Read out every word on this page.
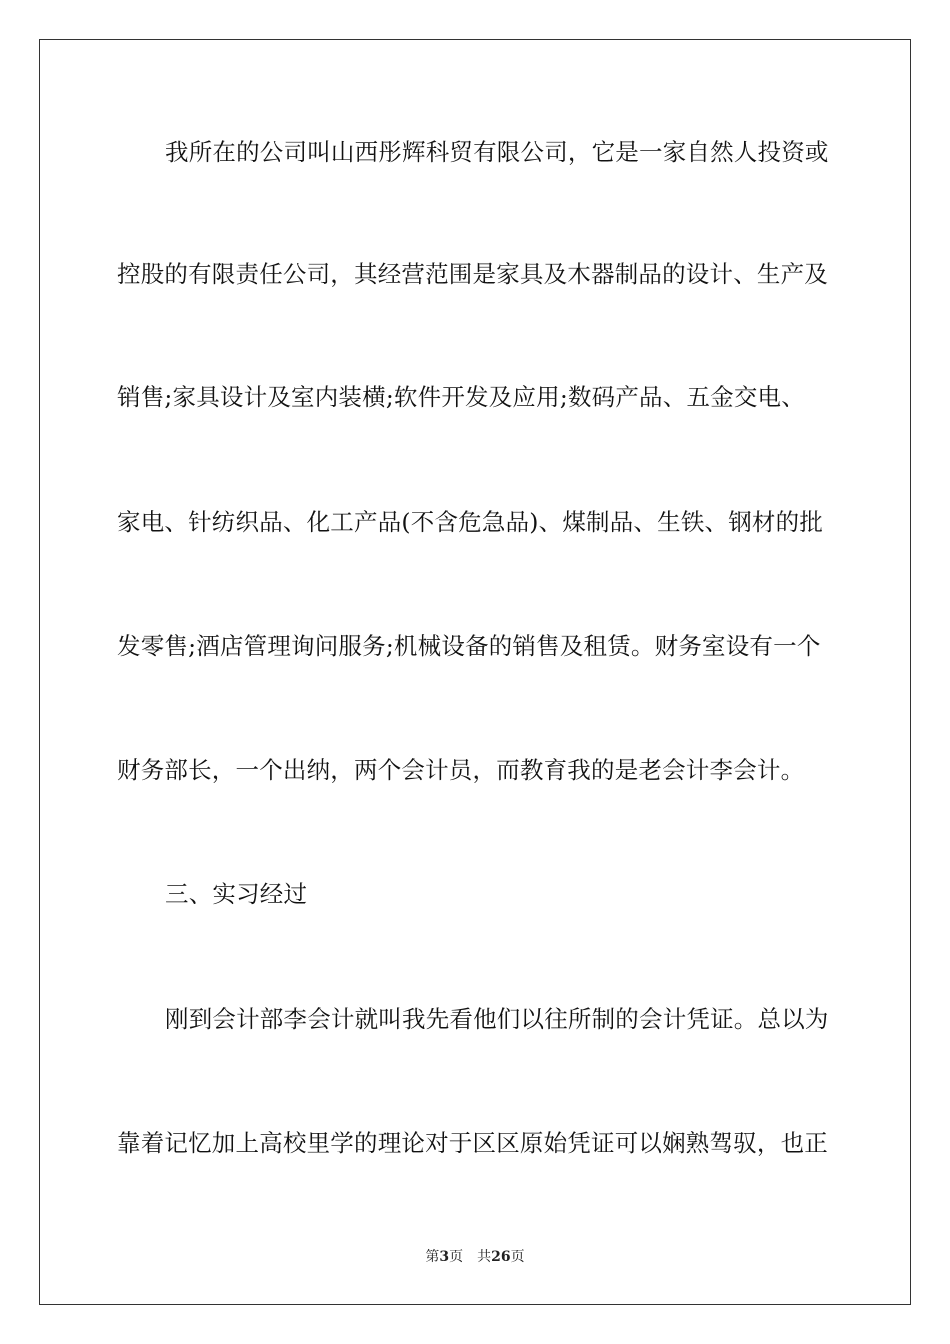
我所在的公司叫山西彤辉科贸有限公司，它是一家自然人投资或
控股的有限责任公司，其经营范围是家具及木器制品的设计、生产及
销售;家具设计及室内装横;软件开发及应用;数码产品、五金交电、
家电、针纺织品、化工产品(不含危急品)、煤制品、生铁、钢材的批
发零售;酒店管理询问服务;机械设备的销售及租赁。财务室设有一个
财务部长，一个出纳，两个会计员，而教育我的是老会计李会计。
三、实习经过
刚到会计部李会计就叫我先看他们以往所制的会计凭证。总以为
靠着记忆加上高校里学的理论对于区区原始凭证可以娴熟驾驭，也正
第3页 共26页
